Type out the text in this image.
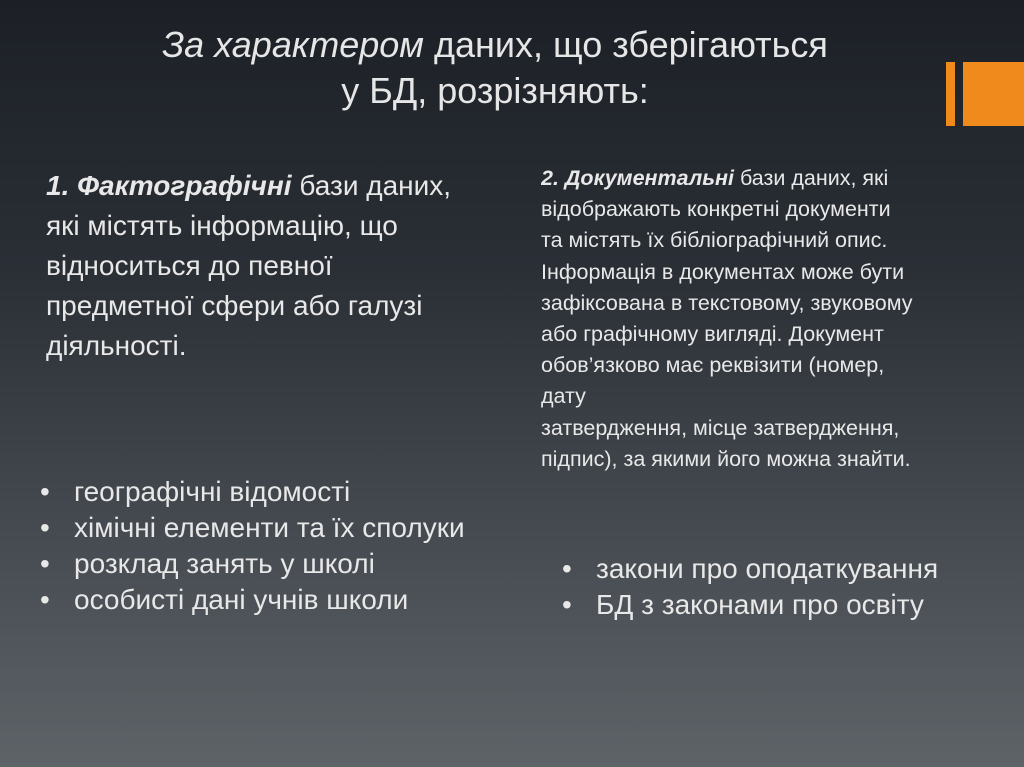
За характером даних, що зберігаються
у БД, розрізняють:
1. Фактографічні бази даних, які містять інформацію, що відноситься до певної предметної сфери або галузі діяльності.
• географічні відомості
• хімічні елементи та їх сполуки
• розклад занять у школі
• особисті дані учнів школи
2. Документальні бази даних, які
відображають конкретні документи
та містять їх бібліографічний опис.
Інформація в документах може бути
зафіксована в текстовому, звуковому
або графічному вигляді. Документ
обов’язково має реквізити (номер,
дату
затвердження, місце затвердження,
підпис), за якими його можна знайти.
• закони про оподаткування
• БД з законами про освіту
